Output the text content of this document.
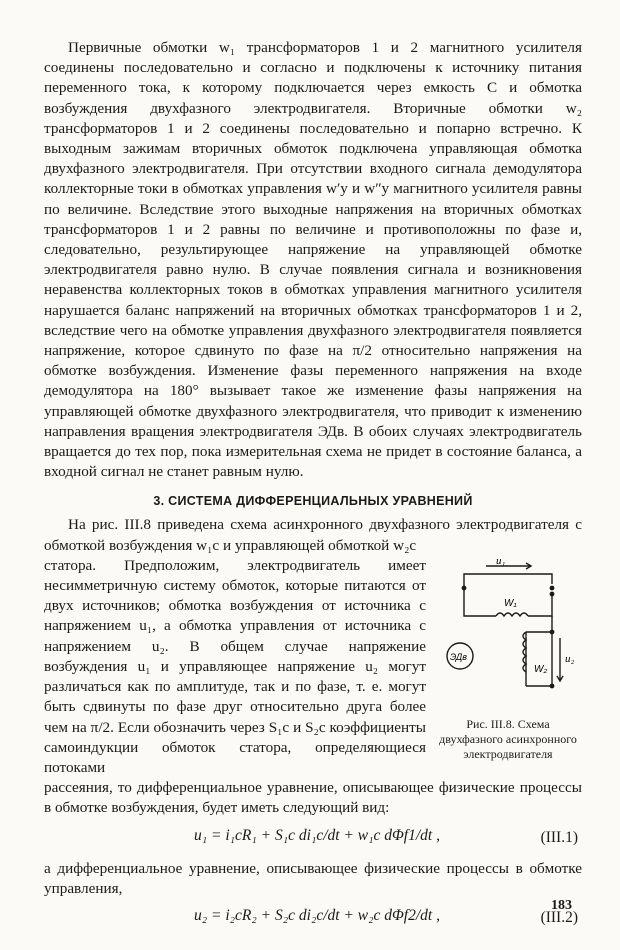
Первичные обмотки w₁ трансформаторов 1 и 2 магнитного усилителя соединены последовательно и согласно и подключены к источнику питания переменного тока, к которому подключается через емкость С и обмотка возбуждения двухфазного электродвигателя. Вторичные обмотки w₂ трансформаторов 1 и 2 соединены последовательно и попарно встречно. К выходным зажимам вторичных обмоток подключена управляющая обмотка двухфазного электродвигателя. При отсутствии входного сигнала демодулятора коллекторные токи в обмотках управления w′у и w″у магнитного усилителя равны по величине. Вследствие этого выходные напряжения на вторичных обмотках трансформаторов 1 и 2 равны по величине и противоположны по фазе и, следовательно, результирующее напряжение на управляющей обмотке электродвигателя равно нулю. В случае появления сигнала и возникновения неравенства коллекторных токов в обмотках управления магнитного усилителя нарушается баланс напряжений на вторичных обмотках трансформаторов 1 и 2, вследствие чего на обмотке управления двухфазного электродвигателя появляется напряжение, которое сдвинуто по фазе на π/2 относительно напряжения на обмотке возбуждения. Изменение фазы переменного напряжения на входе демодулятора на 180° вызывает такое же изменение фазы напряжения на управляющей обмотке двухфазного электродвигателя, что приводит к изменению направления вращения электродвигателя ЭДв. В обоих случаях электродвигатель вращается до тех пор, пока измерительная схема не придет в состояние баланса, а входной сигнал не станет равным нулю.

3. СИСТЕМА ДИФФЕРЕНЦИАЛЬНЫХ УРАВНЕНИЙ

На рис. III.8 приведена схема асинхронного двухфазного электродвигателя с обмоткой возбуждения w₁с и управляющей обмоткой w₂с

u₁
W₁
ЭДв
W₂
u₂
Рис. III.8. Схема двухфазного асинхронного электродвигателя

статора. Предположим, электродвигатель имеет несимметричную систему обмоток, которые питаются от двух источников; обмотка возбуждения от источника с напряжением u₁, а обмотка управления от источника с напряжением u₂. В общем случае напряжение возбуждения u₁ и управляющее напряжение u₂ могут различаться как по амплитуде, так и по фазе, т. е. могут быть сдвинуты по фазе друг относительно друга более чем на π/2. Если обозначить через S₁с и S₂с коэффициенты самоиндукции обмоток статора, определяющиеся потоками

рассеяния, то дифференциальное уравнение, описывающее физические процессы в обмотке возбуждения, будет иметь следующий вид:

u₁ = i₁сR₁ + S₁с di₁с/dt + w₁с dΦf1/dt ,	(III.1)

а дифференциальное уравнение, описывающее физические процессы в обмотке управления,

u₂ = i₂сR₂ + S₂с di₂с/dt + w₂с dΦf2/dt ,	(III.2)
183
